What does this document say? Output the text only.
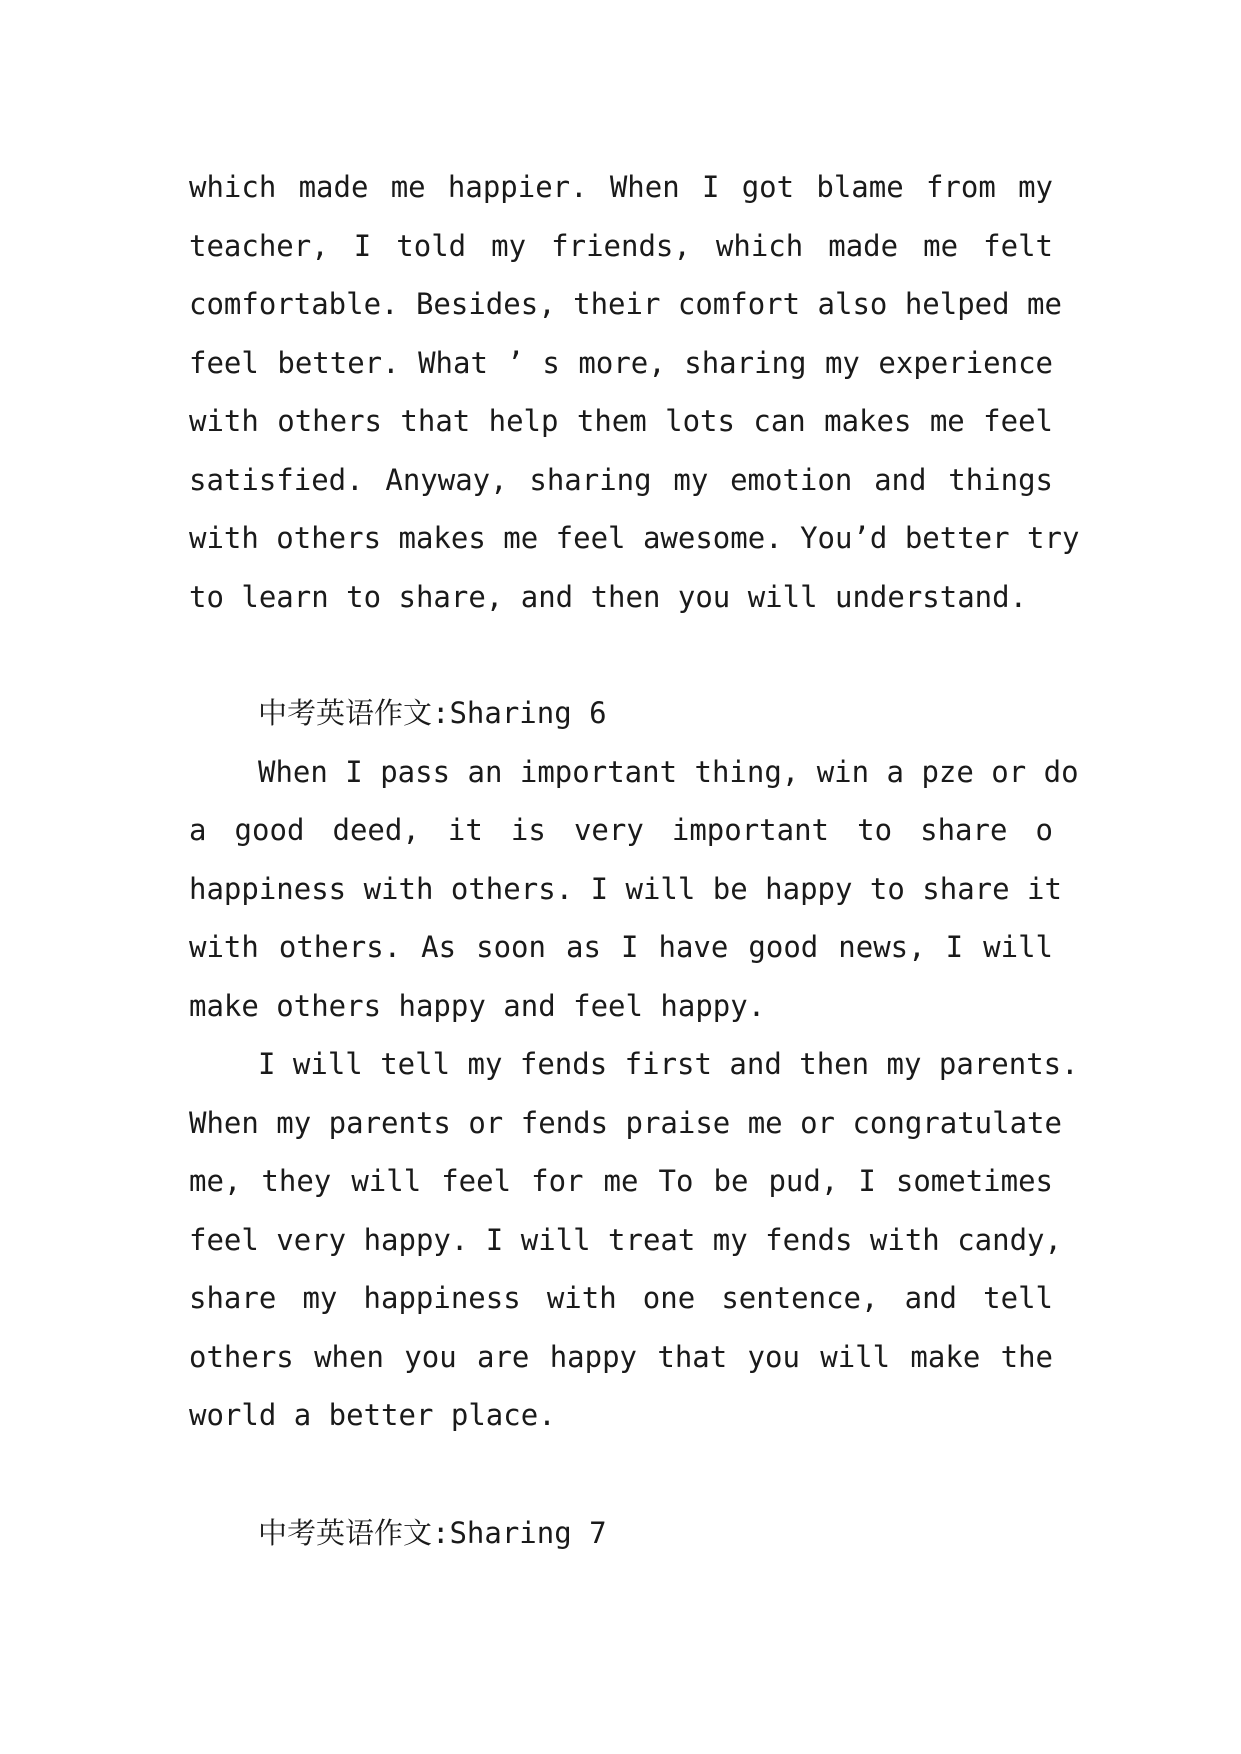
which made me happier. When I got blame from my
teacher, I told my friends, which made me felt
comfortable. Besides, their comfort also helped me
feel better. What ’ s more, sharing my experience
with others that help them lots can makes me feel
satisfied. Anyway, sharing my emotion and things
with others makes me feel awesome. You’d better try
to learn to share, and then you will understand.
中考英语作文:Sharing 6
When I pass an important thing, win a pze or do
a good deed, it is very important to share o
happiness with others. I will be happy to share it
with others. As soon as I have good news, I will
make others happy and feel happy.
I will tell my fends first and then my parents.
When my parents or fends praise me or congratulate
me, they will feel for me To be pud, I sometimes
feel very happy. I will treat my fends with candy,
share my happiness with one sentence, and tell
others when you are happy that you will make the
world a better place.
中考英语作文:Sharing 7
